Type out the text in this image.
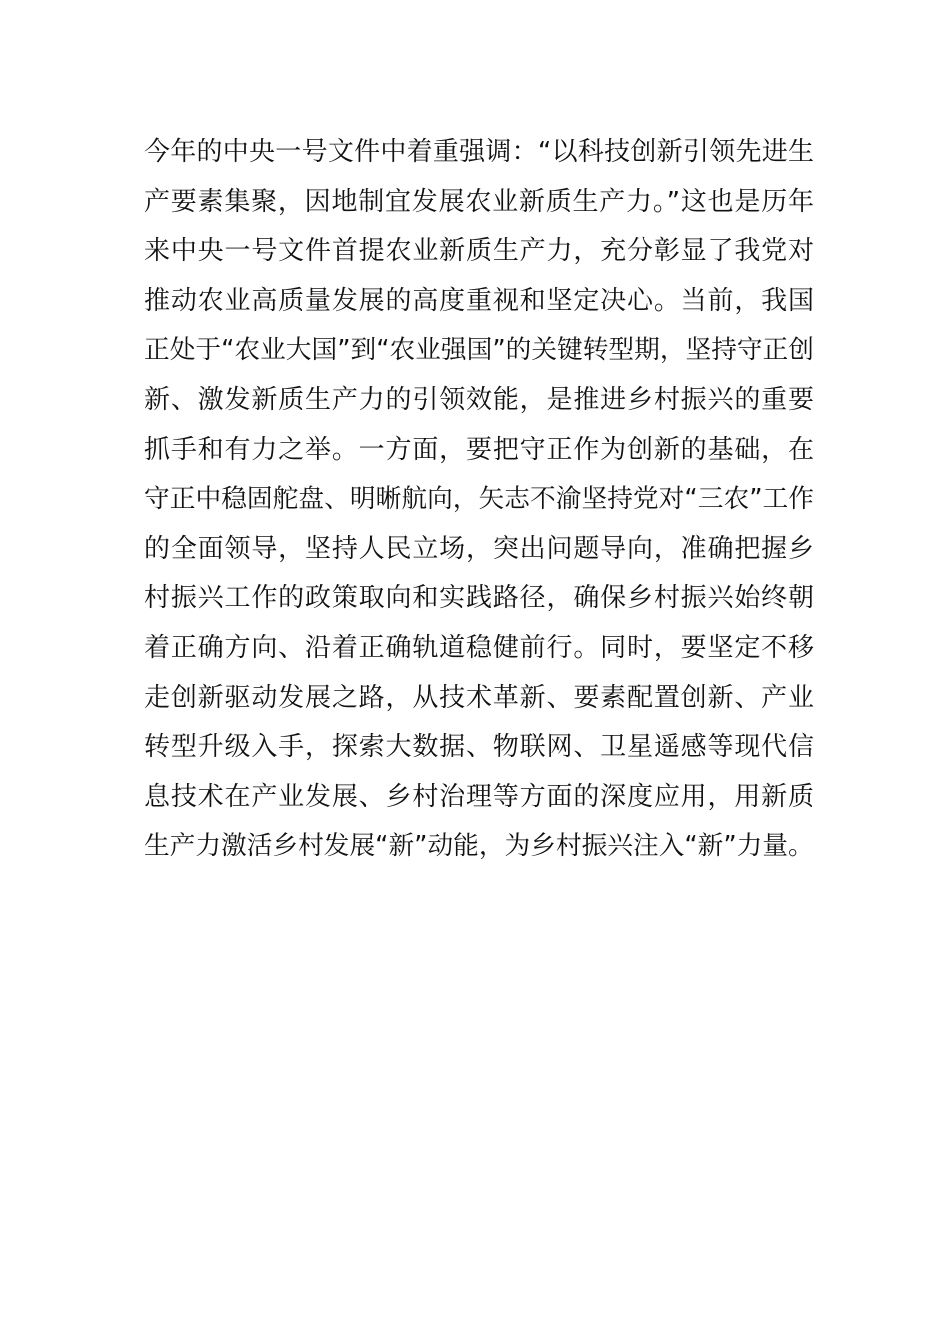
今年的中央一号文件中着重强调：“以科技创新引领先进生
产要素集聚，因地制宜发展农业新质生产力。”这也是历年
来中央一号文件首提农业新质生产力，充分彰显了我党对
推动农业高质量发展的高度重视和坚定决心。当前，我国
正处于“农业大国”到“农业强国”的关键转型期，坚持守正创
新、激发新质生产力的引领效能，是推进乡村振兴的重要
抓手和有力之举。一方面，要把守正作为创新的基础，在
守正中稳固舵盘、明晰航向，矢志不渝坚持党对“三农”工作
的全面领导，坚持人民立场，突出问题导向，准确把握乡
村振兴工作的政策取向和实践路径，确保乡村振兴始终朝
着正确方向、沿着正确轨道稳健前行。同时，要坚定不移
走创新驱动发展之路，从技术革新、要素配置创新、产业
转型升级入手，探索大数据、物联网、卫星遥感等现代信
息技术在产业发展、乡村治理等方面的深度应用，用新质
生产力激活乡村发展“新”动能，为乡村振兴注入“新”力量。
